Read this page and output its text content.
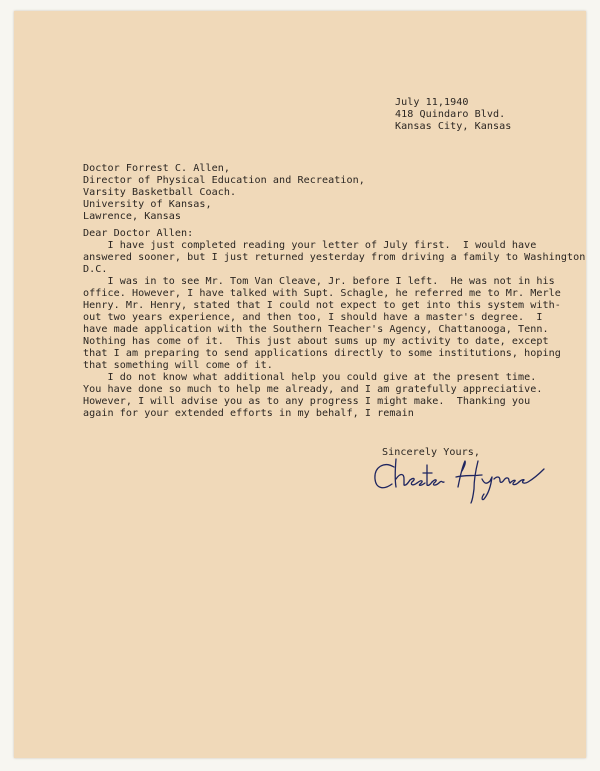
July 11,1940
418 Quindaro Blvd.
Kansas City, Kansas
Doctor Forrest C. Allen,
Director of Physical Education and Recreation,
Varsity Basketball Coach.
University of Kansas,
Lawrence, Kansas
Dear Doctor Allen:
I have just completed reading your letter of July first.  I would have
answered sooner, but I just returned yesterday from driving a family to Washington
D.C.
I was in to see Mr. Tom Van Cleave, Jr. before I left.  He was not in his
office. However, I have talked with Supt. Schagle, he referred me to Mr. Merle
Henry. Mr. Henry, stated that I could not expect to get into this system with-
out two years experience, and then too, I should have a master's degree.  I
have made application with the Southern Teacher's Agency, Chattanooga, Tenn.
Nothing has come of it.  This just about sums up my activity to date, except
that I am preparing to send applications directly to some institutions, hoping
that something will come of it.
I do not know what additional help you could give at the present time.
You have done so much to help me already, and I am gratefully appreciative.
However, I will advise you as to any progress I might make.  Thanking you
again for your extended efforts in my behalf, I remain
Sincerely Yours,
